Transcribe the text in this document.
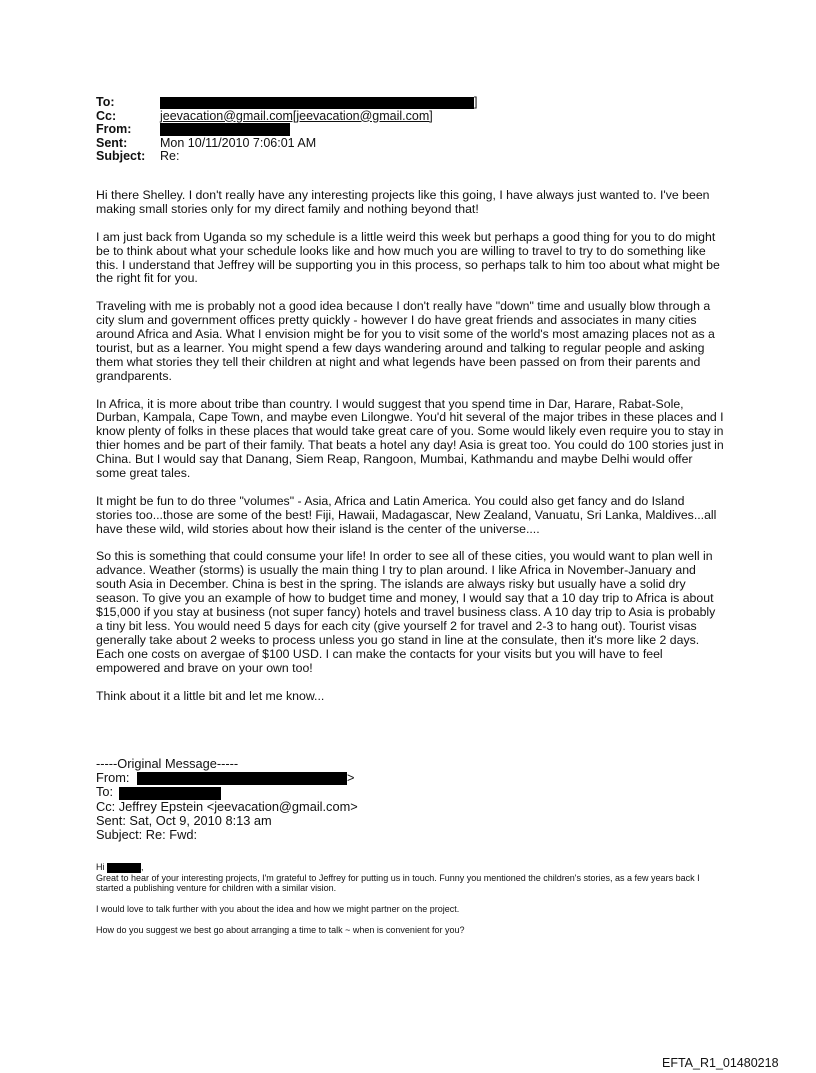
To:	]
Cc:	jeevacation@gmail.com[jeevacation@gmail.com]
From:
Sent:	Mon 10/11/2010 7:06:01 AM
Subject: Re:

Hi there Shelley. I don't really have any interesting projects like this going, I have always just wanted to. I've been making small stories only for my direct family and nothing beyond that!

I am just back from Uganda so my schedule is a little weird this week but perhaps a good thing for you to do might be to think about what your schedule looks like and how much you are willing to travel to try to do something like this. I understand that Jeffrey will be supporting you in this process, so perhaps talk to him too about what might be the right fit for you.

Traveling with me is probably not a good idea because I don't really have "down" time and usually blow through a city slum and government offices pretty quickly - however I do have great friends and associates in many cities around Africa and Asia. What I envision might be for you to visit some of the world's most amazing places not as a tourist, but as a learner. You might spend a few days wandering around and talking to regular people and asking them what stories they tell their children at night and what legends have been passed on from their parents and grandparents.

In Africa, it is more about tribe than country. I would suggest that you spend time in Dar, Harare, Rabat-Sole, Durban, Kampala, Cape Town, and maybe even Lilongwe. You'd hit several of the major tribes in these places and I know plenty of folks in these places that would take great care of you. Some would likely even require you to stay in thier homes and be part of their family. That beats a hotel any day! Asia is great too. You could do 100 stories just in China. But I would say that Danang, Siem Reap, Rangoon, Mumbai, Kathmandu and maybe Delhi would offer some great tales.

It might be fun to do three "volumes" - Asia, Africa and Latin America. You could also get fancy and do Island stories too...those are some of the best! Fiji, Hawaii, Madagascar, New Zealand, Vanuatu, Sri Lanka, Maldives...all have these wild, wild stories about how their island is the center of the universe....

So this is something that could consume your life! In order to see all of these cities, you would want to plan well in advance. Weather (storms) is usually the main thing I try to plan around. I like Africa in November-January and south Asia in December. China is best in the spring. The islands are always risky but usually have a solid dry season. To give you an example of how to budget time and money, I would say that a 10 day trip to Africa is about $15,000 if you stay at business (not super fancy) hotels and travel business class. A 10 day trip to Asia is probably a tiny bit less. You would need 5 days for each city (give yourself 2 for travel and 2-3 to hang out). Tourist visas generally take about 2 weeks to process unless you go stand in line at the consulate, then it's more like 2 days. Each one costs on avergae of $100 USD. I can make the contacts for your visits but you will have to feel empowered and brave on your own too!

Think about it a little bit and let me know...

-----Original Message-----
From:	>
To:
Cc: Jeffrey Epstein <jeevacation@gmail.com>
Sent: Sat, Oct 9, 2010 8:13 am
Subject: Re: Fwd:
Hi	,

Great to hear of your interesting projects, I'm grateful to Jeffrey for putting us in touch. Funny you mentioned the children's stories, as a few years back I started a publishing venture for children with a similar vision.

I would love to talk further with you about the idea and how we might partner on the project.

How do you suggest we best go about arranging a time to talk ~ when is convenient for you?

EFTA_R1_01480218
